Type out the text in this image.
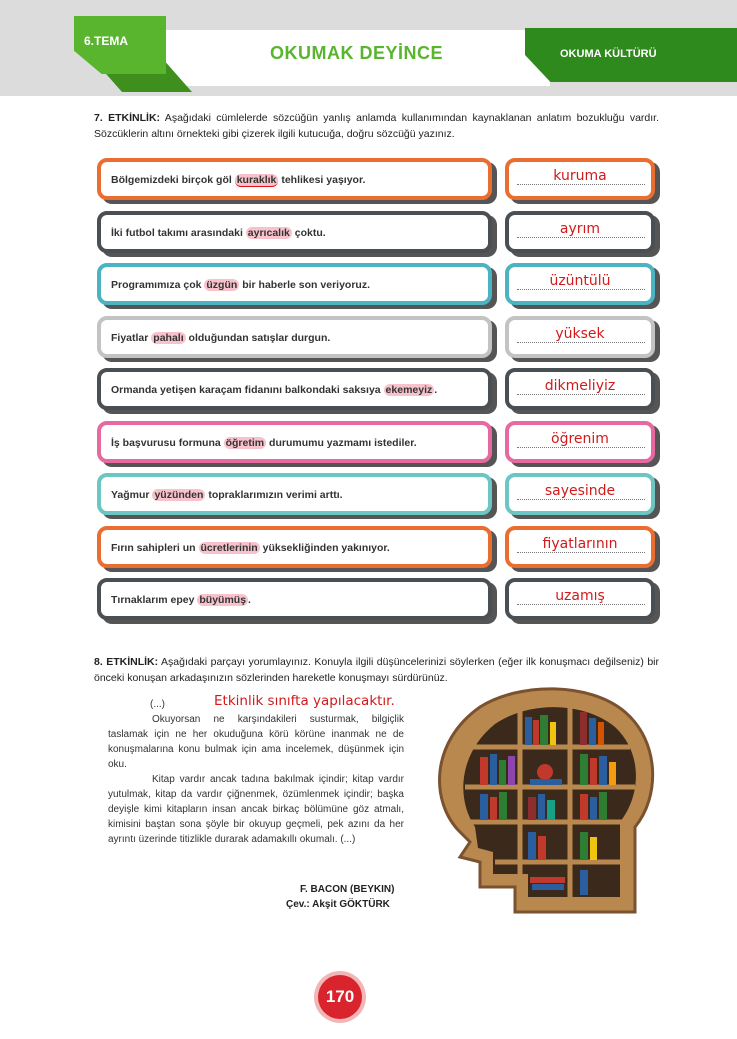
6.TEMA
OKUMAK DEYİNCE	OKUMA KÜLTÜRÜ
7. ETKİNLİK: Aşağıdaki cümlelerde sözcüğün yanlış anlamda kullanımından kaynaklanan anlatım bozukluğu vardır. Sözcüklerin altını örnekteki gibi çizerek ilgili kutucuğa, doğru sözcüğü yazınız.
Bölgemizdeki birçok göl kuraklık tehlikesi yaşıyor.	kuruma
İki futbol takımı arasındaki ayrıcalık çoktu.	ayrım
Programımıza çok üzgün bir haberle son veriyoruz.	üzüntülü
Fiyatlar pahalı olduğundan satışlar durgun.	yüksek
Ormanda yetişen karaçam fidanını balkondaki saksıya ekemeyiz .	dikmeliyiz
İş başvurusu formuna öğretim durumumu yazmamı istediler.	öğrenim
Yağmur yüzünden topraklarımızın verimi arttı.	sayesinde
Fırın sahipleri un ücretlerinin yüksekliğinden yakınıyor.	fiyatlarının
Tırnaklarım epey büyümüş .	uzamış
8. ETKİNLİK: Aşağıdaki parçayı yorumlayınız. Konuyla ilgili düşüncelerinizi söylerken (eğer ilk konuşmacı değilseniz) bir önceki konuşan arkadaşınızın sözlerinden hareketle konuşmayı sürdürünüz.
(...)	Etkinlik sınıfta yapılacaktır.
Okuyorsan ne karşındakileri susturmak, bilgiçlik taslamak için ne her okuduğuna körü körüne inanmak ne de konuşmalarına konu bulmak için ama incelemek, düşünmek için oku.
Kitap vardır ancak tadına bakılmak içindir; kitap vardır yutulmak, kitap da vardır çiğnenmek, özümlenmek içindir; başka deyişle kimi kitapların insan ancak birkaç bölümüne göz atmalı, kimisini baştan sona şöyle bir okuyup geçmeli, pek azını da her ayrıntı üzerinde titizlikle durarak adamakıllı okumalı. (...)
F. BACON (BEYKIN)
Çev.: Akşit GÖKTÜRK
170
